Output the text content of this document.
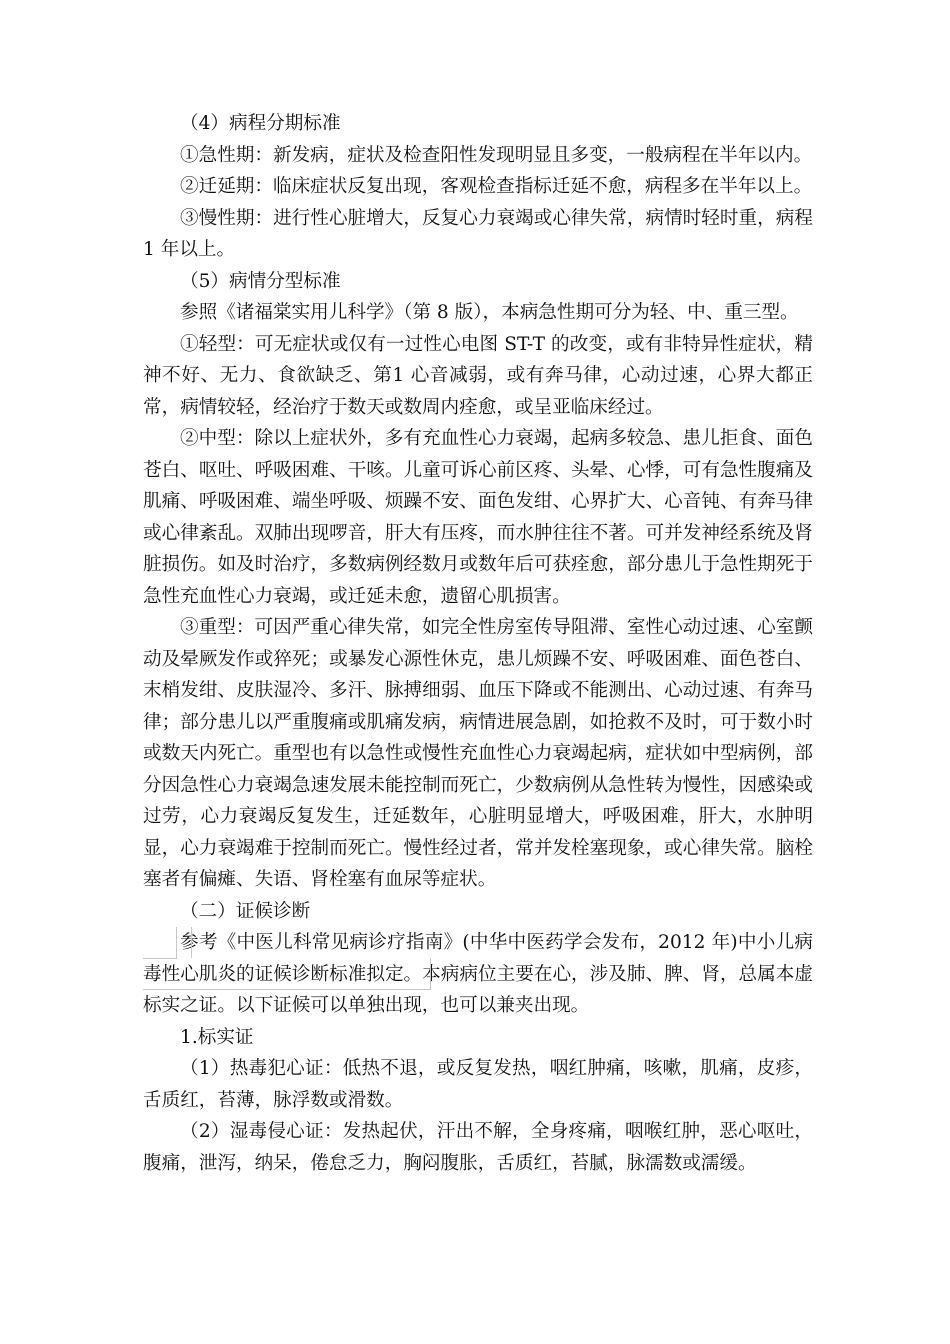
（4）病程分期标准

①急性期：新发病，症状及检查阳性发现明显且多变，一般病程在半年以内。

②迁延期：临床症状反复出现，客观检查指标迁延不愈，病程多在半年以上。

③慢性期：进行性心脏增大，反复心力衰竭或心律失常，病情时轻时重，病程 1 年以上。

（5）病情分型标准

参照《诸福棠实用儿科学》（第 8 版），本病急性期可分为轻、中、重三型。

①轻型：可无症状或仅有一过性心电图 ST-T 的改变，或有非特异性症状，精神不好、无力、食欲缺乏、第1 心音减弱，或有奔马律，心动过速，心界大都正常，病情较轻，经治疗于数天或数周内痊愈，或呈亚临床经过。

②中型：除以上症状外，多有充血性心力衰竭，起病多较急、患儿拒食、面色苍白、呕吐、呼吸困难、干咳。儿童可诉心前区疼、头晕、心悸，可有急性腹痛及肌痛、呼吸困难、端坐呼吸、烦躁不安、面色发绀、心界扩大、心音钝、有奔马律或心律紊乱。双肺出现啰音，肝大有压疼，而水肿往往不著。可并发神经系统及肾脏损伤。如及时治疗，多数病例经数月或数年后可获痊愈，部分患儿于急性期死于急性充血性心力衰竭，或迁延未愈，遗留心肌损害。

③重型：可因严重心律失常，如完全性房室传导阻滞、室性心动过速、心室颤动及晕厥发作或猝死；或暴发心源性休克，患儿烦躁不安、呼吸困难、面色苍白、末梢发绀、皮肤湿冷、多汗、脉搏细弱、血压下降或不能测出、心动过速、有奔马律；部分患儿以严重腹痛或肌痛发病，病情进展急剧，如抢救不及时，可于数小时或数天内死亡。重型也有以急性或慢性充血性心力衰竭起病，症状如中型病例，部分因急性心力衰竭急速发展未能控制而死亡，少数病例从急性转为慢性，因感染或过劳，心力衰竭反复发生，迁延数年，心脏明显增大，呼吸困难，肝大，水肿明显，心力衰竭难于控制而死亡。慢性经过者，常并发栓塞现象，或心律失常。脑栓塞者有偏瘫、失语、肾栓塞有血尿等症状。

（二）证候诊断

参考《中医儿科常见病诊疗指南》(中华中医药学会发布，2012 年)中小儿病毒性心肌炎的证候诊断标准拟定。本病病位主要在心，涉及肺、脾、肾，总属本虚标实之证。以下证候可以单独出现，也可以兼夹出现。

1.标实证

（1）热毒犯心证：低热不退，或反复发热，咽红肿痛，咳嗽，肌痛，皮疹，舌质红，苔薄，脉浮数或滑数。

（2）湿毒侵心证：发热起伏，汗出不解，全身疼痛，咽喉红肿，恶心呕吐，腹痛，泄泻，纳呆，倦怠乏力，胸闷腹胀，舌质红，苔腻，脉濡数或濡缓。
